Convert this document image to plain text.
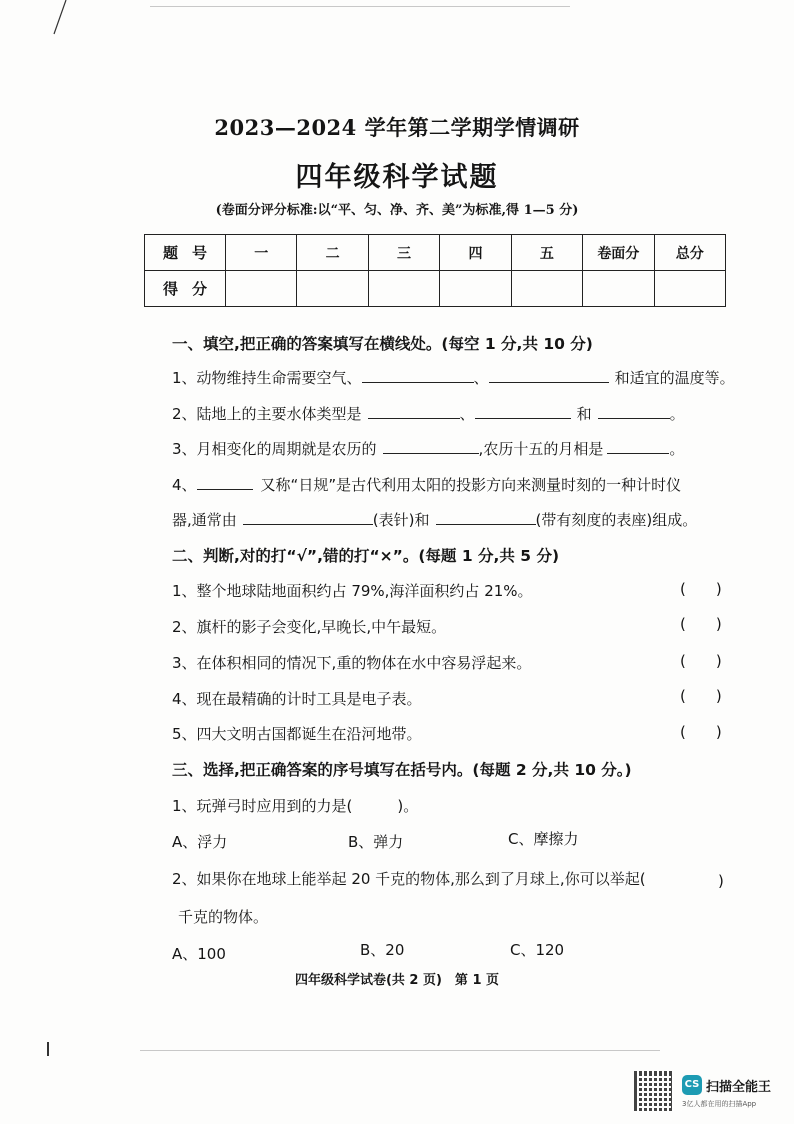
2023—2024 学年第二学期学情调研
四年级科学试题
(卷面分评分标准:以“平、匀、净、齐、美”为标准,得 1—5 分)
题号	一	二	三	四	五	卷面分	总分
得分							
一、填空,把正确的答案填写在横线处。(每空 1 分,共 10 分)
1、动物维持生命需要空气、	、	和适宜的温度等。
2、陆地上的主要水体类型是	、	和	。
3、月相变化的周期就是农历的	,农历十五的月相是	。
4、	又称“日规”是古代利用太阳的投影方向来测量时刻的一种计时仪
器,通常由	(表针)和	(带有刻度的表座)组成。
二、判断,对的打“√”,错的打“×”。(每题 1 分,共 5 分)
1、整个地球陆地面积约占 79%,海洋面积约占 21%。	(　　)
2、旗杆的影子会变化,早晚长,中午最短。	(　　)
3、在体积相同的情况下,重的物体在水中容易浮起来。	(　　)
4、现在最精确的计时工具是电子表。	(　　)
5、四大文明古国都诞生在沿河地带。	(　　)
三、选择,把正确答案的序号填写在括号内。(每题 2 分,共 10 分。)
1、玩弹弓时应用到的力是(　　　)。
A、浮力	B、弹力	C、摩擦力
2、如果你在地球上能举起 20 千克的物体,那么到了月球上,你可以举起(	)
千克的物体。
A、100	B、20	C、120
四年级科学试卷(共 2 页)　第 1 页
CS 扫描全能王
3亿人都在用的扫描App
